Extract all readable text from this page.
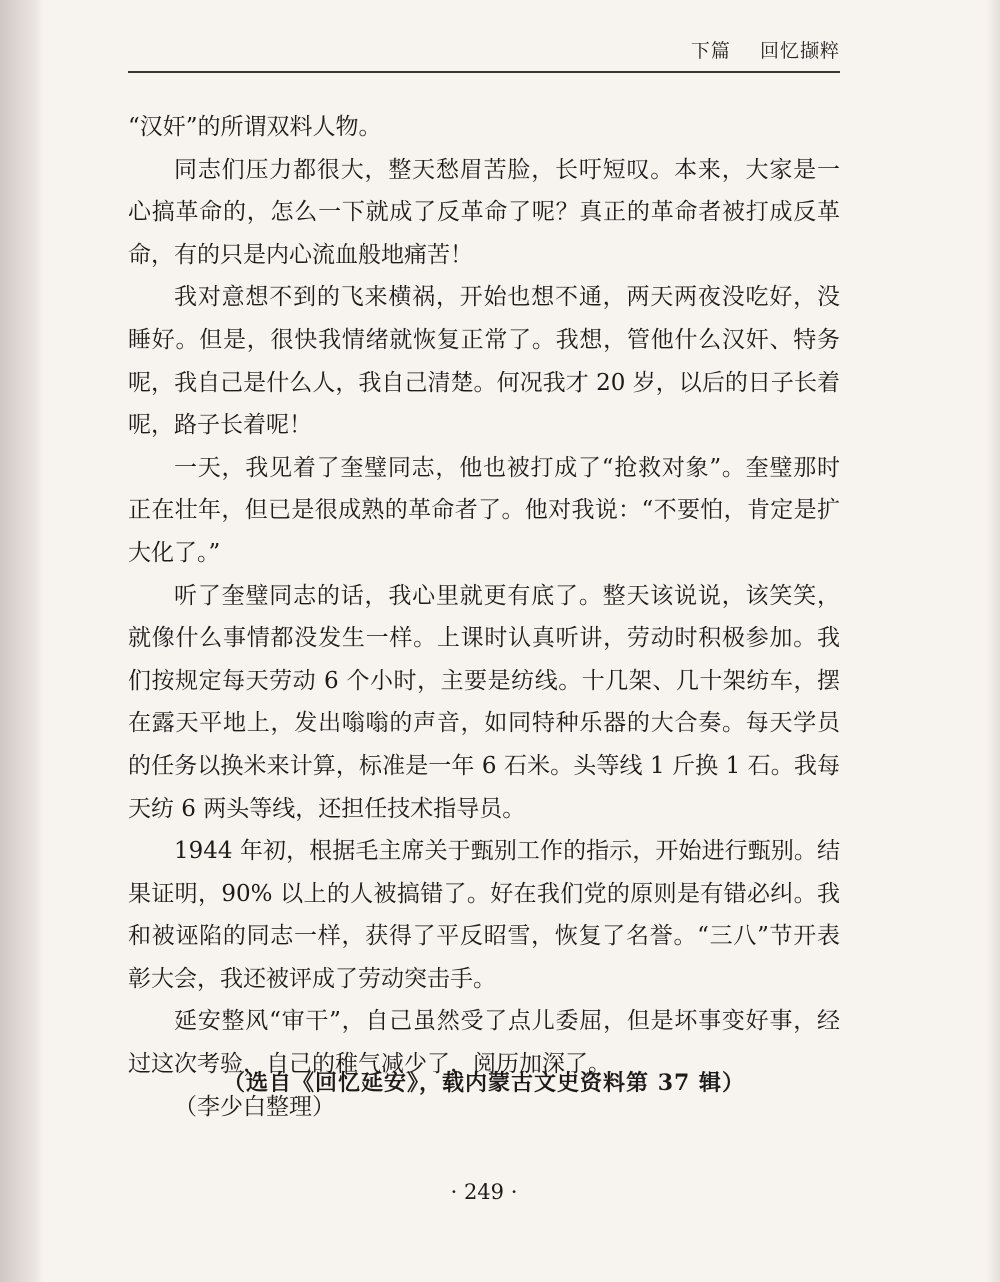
下篇 回忆撷粹

“汉奸”的所谓双料人物。

同志们压力都很大，整天愁眉苦脸，长吁短叹。本来，大家是一心搞革命的，怎么一下就成了反革命了呢？真正的革命者被打成反革命，有的只是内心流血般地痛苦！

我对意想不到的飞来横祸，开始也想不通，两天两夜没吃好，没睡好。但是，很快我情绪就恢复正常了。我想，管他什么汉奸、特务呢，我自己是什么人，我自己清楚。何况我才 20 岁，以后的日子长着呢，路子长着呢！

一天，我见着了奎璧同志，他也被打成了“抢救对象”。奎璧那时正在壮年，但已是很成熟的革命者了。他对我说：“不要怕，肯定是扩大化了。”

听了奎璧同志的话，我心里就更有底了。整天该说说，该笑笑，就像什么事情都没发生一样。上课时认真听讲，劳动时积极参加。我们按规定每天劳动 6 个小时，主要是纺线。十几架、几十架纺车，摆在露天平地上，发出嗡嗡的声音，如同特种乐器的大合奏。每天学员的任务以换米来计算，标准是一年 6 石米。头等线 1 斤换 1 石。我每天纺 6 两头等线，还担任技术指导员。

1944 年初，根据毛主席关于甄别工作的指示，开始进行甄别。结果证明，90% 以上的人被搞错了。好在我们党的原则是有错必纠。我和被诬陷的同志一样，获得了平反昭雪，恢复了名誉。“三八”节开表彰大会，我还被评成了劳动突击手。

延安整风“审干”，自己虽然受了点儿委屈，但是坏事变好事，经过这次考验，自己的稚气减少了，阅历加深了。

（李少白整理）

（选自《回忆延安》，载内蒙古文史资料第 37 辑）
· 249 ·
